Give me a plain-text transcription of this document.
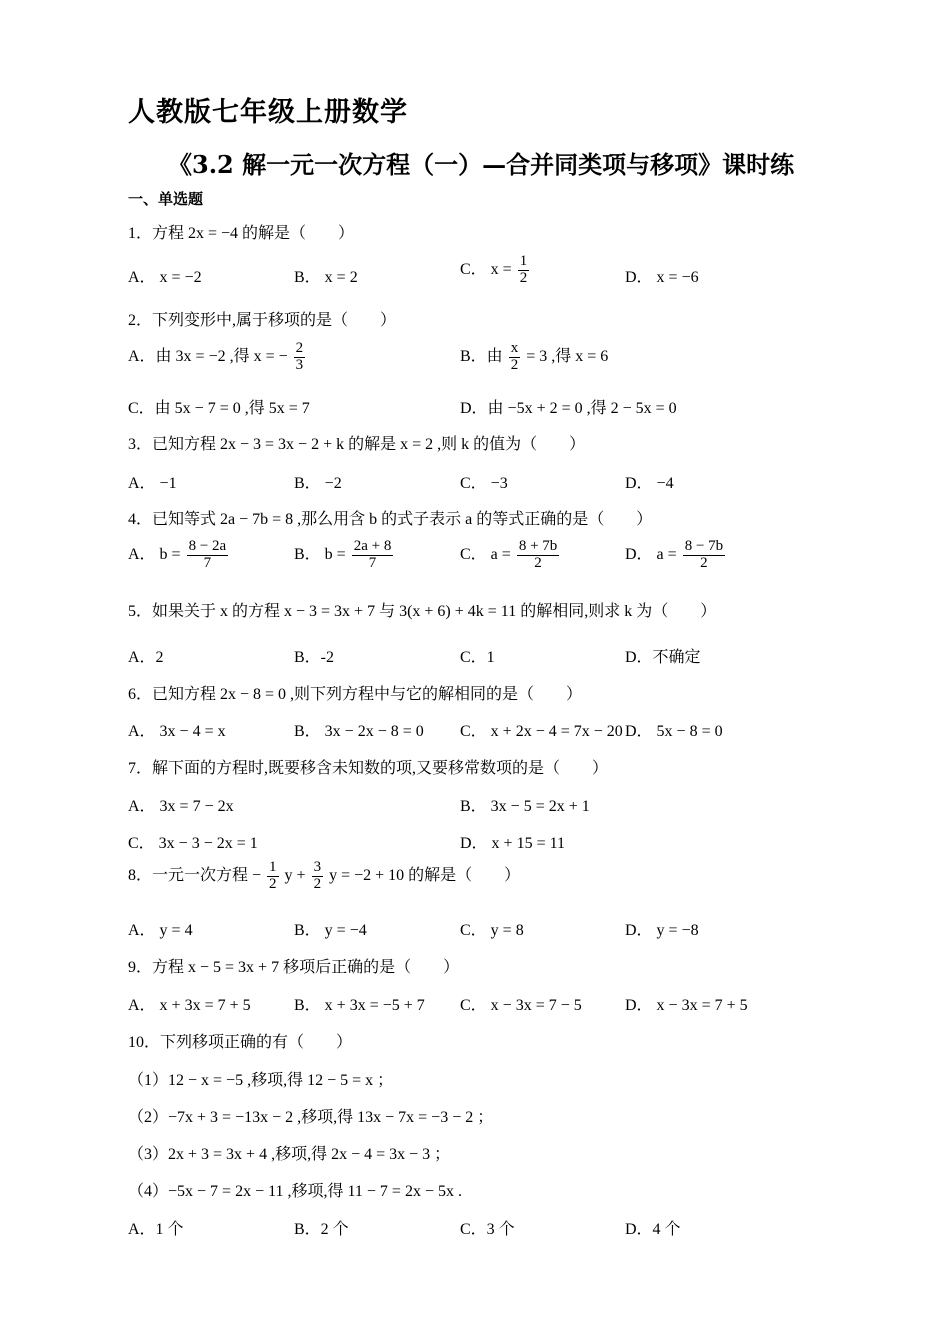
人教版七年级上册数学
《3.2 解一元一次方程（一）—合并同类项与移项》课时练
一、单选题
1．方程 2x = −4 的解是（　　）
A． x = −2	B． x = 2	C． $x = \frac{1}{2}$	D． x = −6
2．下列变形中,属于移项的是（　　）
A．由 3x = −2 ,得 x = − $\frac{2}{3}$	B．由 $\frac{x}{2} = 3$ ,得 x = 6
C．由 5x − 7 = 0 ,得 5x = 7	D．由 −5x + 2 = 0 ,得 2 − 5x = 0
3．已知方程 2x − 3 = 3x − 2 + k 的解是 x = 2 ,则 k 的值为（　　）
A． −1	B． −2	C． −3	D． −4
4．已知等式 2a − 7b = 8 ,那么用含 b 的式子表示 a 的等式正确的是（　　）
A． $b = \frac{8 - 2a}{7}$	B． $b = \frac{2a + 8}{7}$	C． $a = \frac{8 + 7b}{2}$	D． $a = \frac{8 - 7b}{2}$
5．如果关于 x 的方程 x − 3 = 3x + 7 与 3(x + 6) + 4k = 11 的解相同,则求 k 为（　　）
A．2	B．-2	C．1	D．不确定
6．已知方程 2x − 8 = 0 ,则下列方程中与它的解相同的是（　　）
A． 3x − 4 = x	B． 3x − 2x − 8 = 0 C． x + 2x − 4 = 7x − 20 D． 5x − 8 = 0
7．解下面的方程时,既要移含未知数的项,又要移常数项的是（　　）
A． 3x = 7 − 2x	B． 3x − 5 = 2x + 1
C． 3x − 3 − 2x = 1	D． x + 15 = 11
8．一元一次方程 − $\frac{1}{2}$ $y + \frac{3}{2}$ y = −2 + 10 的解是（　　）
A． y = 4	B． y = −4	C． y = 8	D． y = −8
9．方程 x − 5 = 3x + 7 移项后正确的是（　　）
A． x + 3x = 7 + 5	B． x + 3x = −5 + 7 C． x − 3x = 7 − 5	D． x − 3x = 7 + 5
10．下列移项正确的有（　　）
（1）12 − x = −5 ,移项,得 12 − 5 = x ；
（2）−7x + 3 = −13x − 2 ,移项,得 13x − 7x = −3 − 2 ；
（3）2x + 3 = 3x + 4 ,移项,得 2x − 4 = 3x − 3 ；
（4）−5x − 7 = 2x − 11 ,移项,得 11 − 7 = 2x − 5x .
A．1 个	B．2 个	C．3 个	D．4 个
